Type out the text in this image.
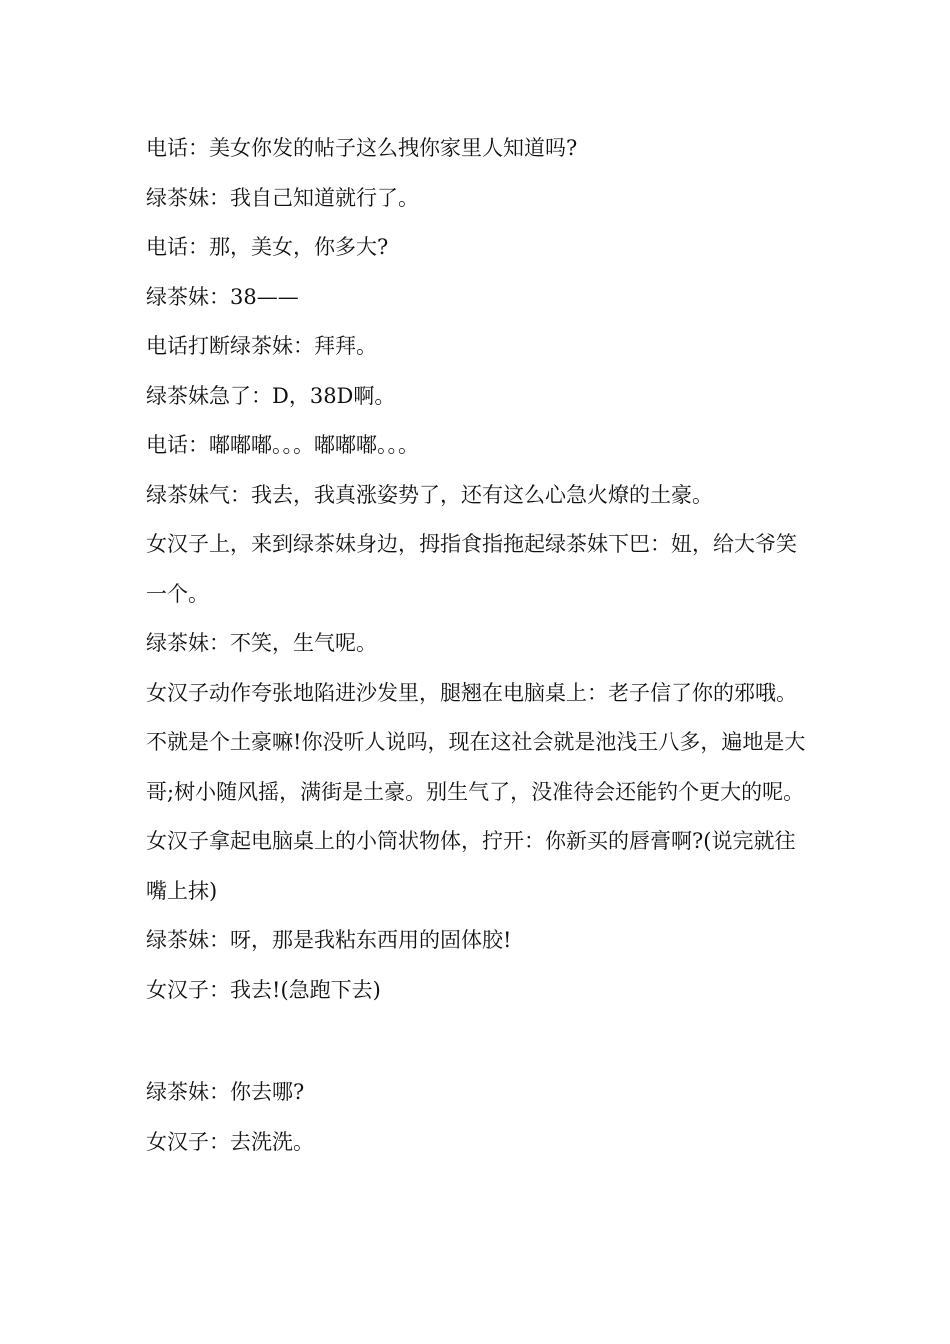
电话：美女你发的帖子这么拽你家里人知道吗?

绿茶妹：我自己知道就行了。

电话：那，美女，你多大?

绿茶妹：38——

电话打断绿茶妹：拜拜。

绿茶妹急了：D，38D啊。

电话：嘟嘟嘟。。。嘟嘟嘟。。。

绿茶妹气：我去，我真涨姿势了，还有这么心急火燎的土豪。

女汉子上，来到绿茶妹身边，拇指食指拖起绿茶妹下巴：妞，给大爷笑一个。

绿茶妹：不笑，生气呢。

女汉子动作夸张地陷进沙发里，腿翘在电脑桌上：老子信了你的邪哦。不就是个土豪嘛!你没听人说吗，现在这社会就是池浅王八多，遍地是大哥;树小随风摇，满街是土豪。别生气了，没准待会还能钓个更大的呢。

女汉子拿起电脑桌上的小筒状物体，拧开：你新买的唇膏啊?(说完就往嘴上抹)

绿茶妹：呀，那是我粘东西用的固体胶!

女汉子：我去!(急跑下去)

绿茶妹：你去哪?

女汉子：去洗洗。
